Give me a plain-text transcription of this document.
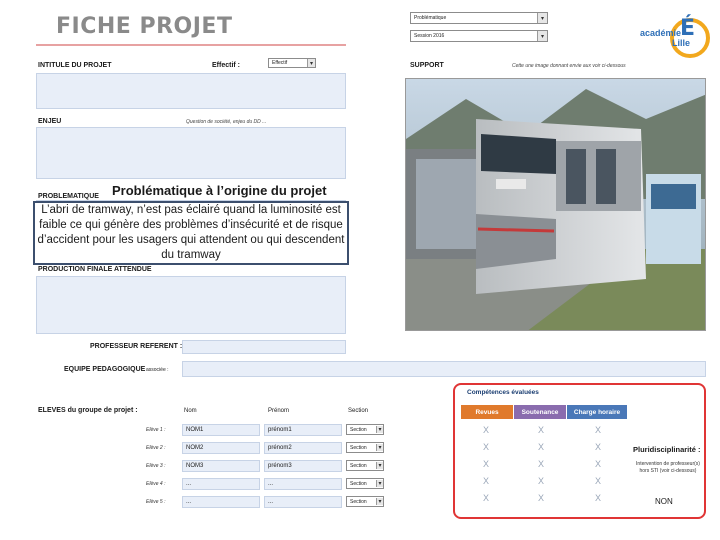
FICHE PROJET	Problématique	▾
Session 2016	▾	académie
Lille
É
INTITULE DU PROJET	Effectif :	Effectif	▾
ENJEU	Question de société, enjeu du DD ...
PROBLEMATIQUE
PRODUCTION FINALE ATTENDUE
PROFESSEUR REFERENT :
EQUIPE PEDAGOGIQUE associée :
SUPPORT	Cette une image donnant envie aux voir ci-dessous
ELEVES du groupe de projet :	Nom	Prénom	Section
Elève 1 :	NOM1	prénom1	Section	▾
Elève 2 :	NOM2	prénom2	Section	▾
Elève 3 :	NOM3	prénom3	Section	▾
Elève 4 :	...	...	Section	▾
Elève 5 :	...	...	Section	▾
Compétences évaluées
Revues	Soutenance	Charge horaire
X	X	X
X	X	X
X	X	X
X	X	X
X	X	X
Pluridisciplinarité :
Intervention de professeur(s) hors STI (voir ci-dessous)
NON
Problématique à l’origine du projet
L’abri de tramway, n’est pas éclairé quand la luminosité est faible ce qui génère des problèmes d’insécurité et de risque d’accident pour les usagers qui attendent ou qui descendent du tramway
